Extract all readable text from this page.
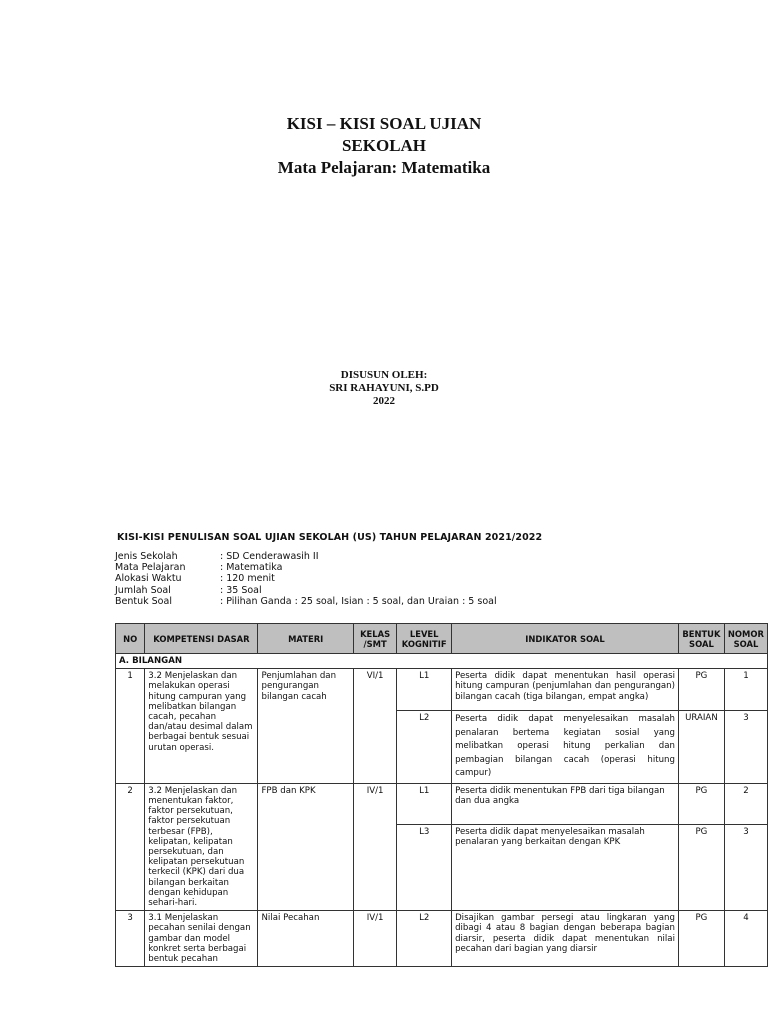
KISI – KISI SOAL UJIAN
SEKOLAH
Mata Pelajaran: Matematika
DISUSUN OLEH:
SRI RAHAYUNI, S.PD
2022
KISI-KISI PENULISAN SOAL UJIAN SEKOLAH (US) TAHUN PELAJARAN 2021/2022
Jenis Sekolah	: SD Cenderawasih II
Mata Pelajaran	: Matematika
Alokasi Waktu	: 120 menit
Jumlah Soal	: 35 Soal
Bentuk Soal	: Pilihan Ganda : 25 soal, Isian : 5 soal, dan Uraian : 5 soal
NO	KOMPETENSI DASAR	MATERI	KELAS /SMT	LEVEL KOGNITIF	INDIKATOR SOAL	BENTUK SOAL	NOMOR SOAL
A. BILANGAN							
1	3.2 Menjelaskan dan melakukan operasi hitung campuran yang melibatkan bilangan cacah, pecahan dan/atau desimal dalam berbagai bentuk sesuai urutan operasi.	Penjumlahan dan pengurangan bilangan cacah	VI/1	L1	Peserta didik dapat menentukan hasil operasi hitung campuran (penjumlahan dan pengurangan) bilangan cacah (tiga bilangan, empat angka)	PG	1
				L2	Peserta didik dapat menyelesaikan masalah penalaran bertema kegiatan sosial yang melibatkan operasi hitung perkalian dan pembagian bilangan cacah (operasi hitung campur)	URAIAN	3
2	3.2 Menjelaskan dan menentukan faktor, faktor persekutuan, faktor persekutuan terbesar (FPB), kelipatan, kelipatan persekutuan, dan kelipatan persekutuan terkecil (KPK) dari dua bilangan berkaitan dengan kehidupan sehari-hari.	FPB dan KPK	IV/1	L1	Peserta didik menentukan FPB dari tiga bilangan dan dua angka	PG	2
				L3	Peserta didik dapat menyelesaikan masalah penalaran yang berkaitan dengan KPK	PG	3
3	3.1 Menjelaskan pecahan senilai dengan gambar dan model konkret serta berbagai bentuk pecahan	Nilai Pecahan	IV/1	L2	Disajikan gambar persegi atau lingkaran yang dibagi 4 atau 8 bagian dengan beberapa bagian diarsir, peserta didik dapat menentukan nilai pecahan dari bagian yang diarsir	PG	4
